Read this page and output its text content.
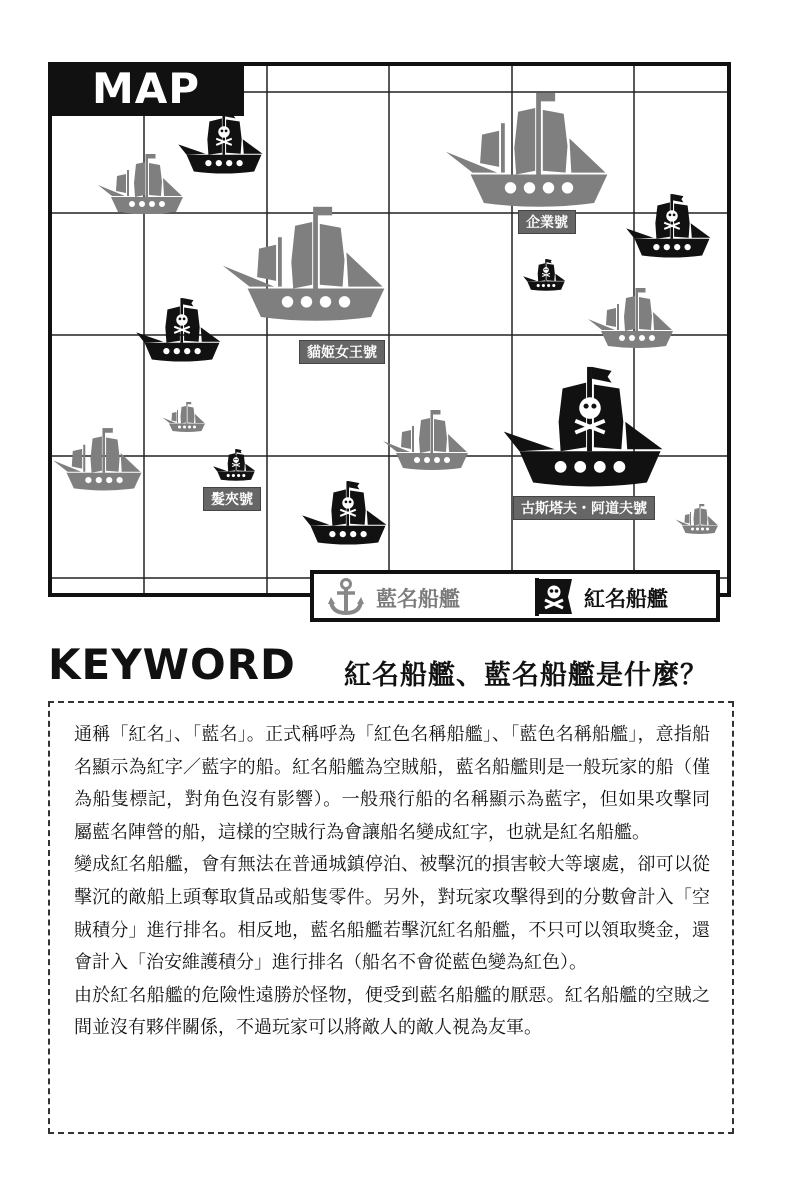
MAP
企業號
貓姬女王號
髮夾號
古斯塔夫・阿道夫號
藍名船艦	紅名船艦
KEYWORD 紅名船艦、藍名船艦是什麼？

通稱「紅名」、「藍名」。正式稱呼為「紅色名稱船艦」、「藍色名稱船艦」，意指船名顯示為紅字／藍字的船。紅名船艦為空賊船，藍名船艦則是一般玩家的船（僅為船隻標記，對角色沒有影響）。一般飛行船的名稱顯示為藍字，但如果攻擊同屬藍名陣營的船，這樣的空賊行為會讓船名變成紅字，也就是紅名船艦。

變成紅名船艦，會有無法在普通城鎮停泊、被擊沉的損害較大等壞處，卻可以從擊沉的敵船上頭奪取貨品或船隻零件。另外，對玩家攻擊得到的分數會計入「空賊積分」進行排名。相反地，藍名船艦若擊沉紅名船艦，不只可以領取獎金，還會計入「治安維護積分」進行排名（船名不會從藍色變為紅色）。

由於紅名船艦的危險性遠勝於怪物，便受到藍名船艦的厭惡。紅名船艦的空賊之間並沒有夥伴關係，不過玩家可以將敵人的敵人視為友軍。
